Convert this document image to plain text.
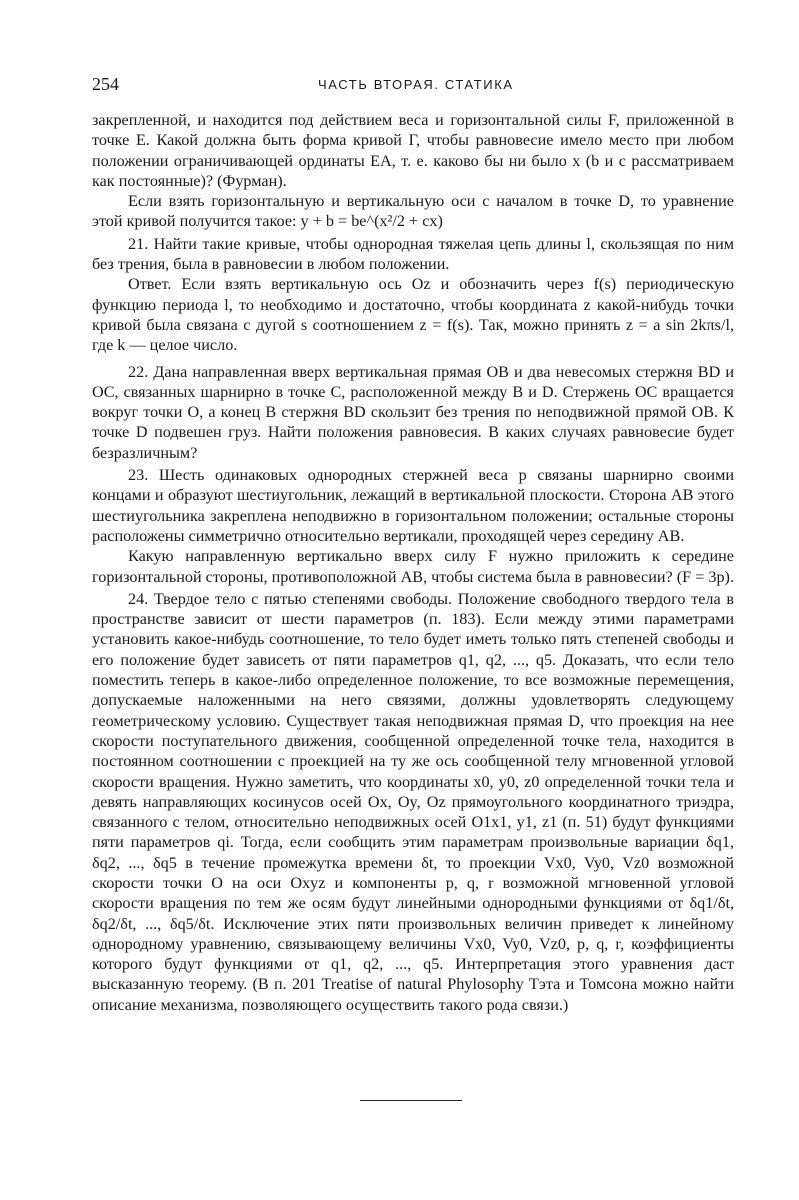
254	ЧАСТЬ ВТОРАЯ. СТАТИКА

закрепленной, и находится под действием веса и горизонтальной силы F, приложенной в точке E. Какой должна быть форма кривой Г, чтобы равновесие имело место при любом положении ограничивающей ординаты EA, т. е. каково бы ни было x (b и c рассматриваем как постоянные)? (Фурман).

Если взять горизонтальную и вертикальную оси с началом в точке D, то уравнение этой кривой получится такое: y + b = be^(x²/2 + cx)

21. Найти такие кривые, чтобы однородная тяжелая цепь длины l, скользящая по ним без трения, была в равновесии в любом положении.

Ответ. Если взять вертикальную ось Oz и обозначить через f(s) периодическую функцию периода l, то необходимо и достаточно, чтобы координата z какой-нибудь точки кривой была связана с дугой s соотношением z = f(s). Так, можно принять z = a sin 2kπs/l, где k — целое число.

22. Дана направленная вверх вертикальная прямая OB и два невесомых стержня BD и OC, связанных шарнирно в точке C, расположенной между B и D. Стержень OC вращается вокруг точки O, а конец B стержня BD скользит без трения по неподвижной прямой OB. К точке D подвешен груз. Найти положения равновесия. В каких случаях равновесие будет безразличным?

23. Шесть одинаковых однородных стержней веса p связаны шарнирно своими концами и образуют шестиугольник, лежащий в вертикальной плоскости. Сторона AB этого шестиугольника закреплена неподвижно в горизонтальном положении; остальные стороны расположены симметрично относительно вертикали, проходящей через середину AB.

Какую направленную вертикально вверх силу F нужно приложить к середине горизонтальной стороны, противоположной AB, чтобы система была в равновесии? (F = 3p).

24. Твердое тело с пятью степенями свободы. Положение свободного твердого тела в пространстве зависит от шести параметров (п. 183). Если между этими параметрами установить какое-нибудь соотношение, то тело будет иметь только пять степеней свободы и его положение будет зависеть от пяти параметров q1, q2, ..., q5. Доказать, что если тело поместить теперь в какое-либо определенное положение, то все возможные перемещения, допускаемые наложенными на него связями, должны удовлетворять следующему геометрическому условию. Существует такая неподвижная прямая D, что проекция на нее скорости поступательного движения, сообщенной определенной точке тела, находится в постоянном соотношении с проекцией на ту же ось сообщенной телу мгновенной угловой скорости вращения. Нужно заметить, что координаты x0, y0, z0 определенной точки тела и девять направляющих косинусов осей Ox, Oy, Oz прямоугольного координатного триэдра, связанного с телом, относительно неподвижных осей O1x1, y1, z1 (п. 51) будут функциями пяти параметров qi. Тогда, если сообщить этим параметрам произвольные вариации δq1, δq2, ..., δq5 в течение промежутка времени δt, то проекции Vx0, Vy0, Vz0 возможной скорости точки O на оси Oxyz и компоненты p, q, r возможной мгновенной угловой скорости вращения по тем же осям будут линейными однородными функциями от δq1/δt, δq2/δt, ..., δq5/δt. Исключение этих пяти произвольных величин приведет к линейному однородному уравнению, связывающему величины Vx0, Vy0, Vz0, p, q, r, коэффициенты которого будут функциями от q1, q2, ..., q5. Интерпретация этого уравнения даст высказанную теорему. (В п. 201 Treatise of natural Phylosophy Тэта и Томсона можно найти описание механизма, позволяющего осуществить такого рода связи.)
